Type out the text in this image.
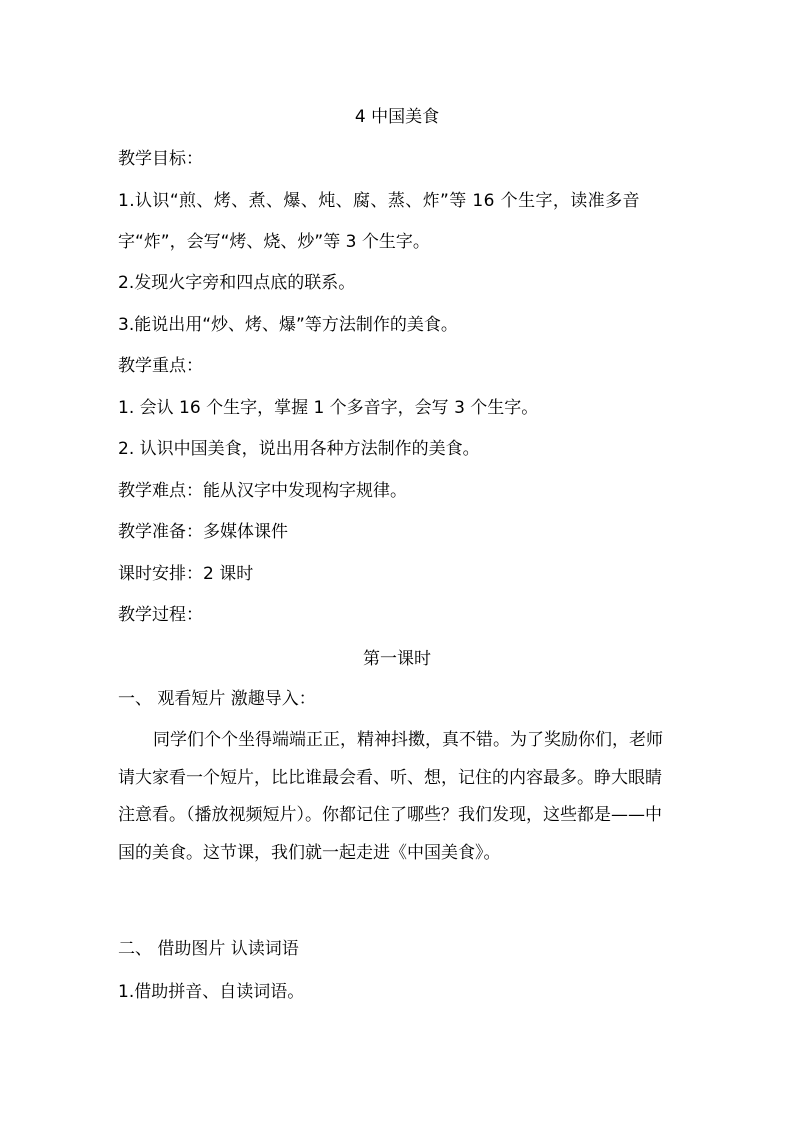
4 中国美食
教学目标：
1.认识“煎、烤、煮、爆、炖、腐、蒸、炸”等 16 个生字，读准多音
字“炸”，会写“烤、烧、炒”等 3 个生字。
2.发现火字旁和四点底的联系。
3.能说出用“炒、烤、爆”等方法制作的美食。
教学重点：
1. 会认 16 个生字，掌握 1 个多音字，会写 3 个生字。
2. 认识中国美食，说出用各种方法制作的美食。
教学难点：能从汉字中发现构字规律。
教学准备：多媒体课件
课时安排：2 课时
教学过程：
第一课时
一、 观看短片 激趣导入：
同学们个个坐得端端正正，精神抖擞，真不错。为了奖励你们，老师请大家看一个短片，比比谁最会看、听、想，记住的内容最多。睁大眼睛注意看。（播放视频短片）。你都记住了哪些？我们发现，这些都是——中国的美食。这节课，我们就一起走进《中国美食》。
二、 借助图片 认读词语
1.借助拼音、自读词语。
